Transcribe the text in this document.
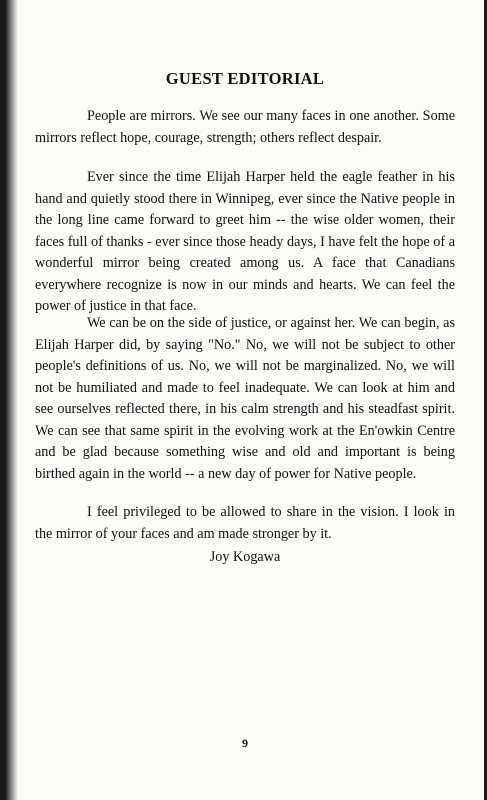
GUEST EDITORIAL

People are mirrors. We see our many faces in one another. Some mirrors reflect hope, courage, strength; others reflect despair.

Ever since the time Elijah Harper held the eagle feather in his hand and quietly stood there in Winnipeg, ever since the Native people in the long line came forward to greet him -- the wise older women, their faces full of thanks - ever since those heady days, I have felt the hope of a wonderful mirror being created among us. A face that Canadians everywhere recognize is now in our minds and hearts. We can feel the power of justice in that face.

We can be on the side of justice, or against her. We can begin, as Elijah Harper did, by saying "No." No, we will not be subject to other people's definitions of us. No, we will not be marginalized. No, we will not be humiliated and made to feel inadequate. We can look at him and see ourselves reflected there, in his calm strength and his steadfast spirit. We can see that same spirit in the evolving work at the En'owkin Centre and be glad because something wise and old and important is being birthed again in the world -- a new day of power for Native people.

I feel privileged to be allowed to share in the vision. I look in the mirror of your faces and am made stronger by it.

Joy Kogawa
9
